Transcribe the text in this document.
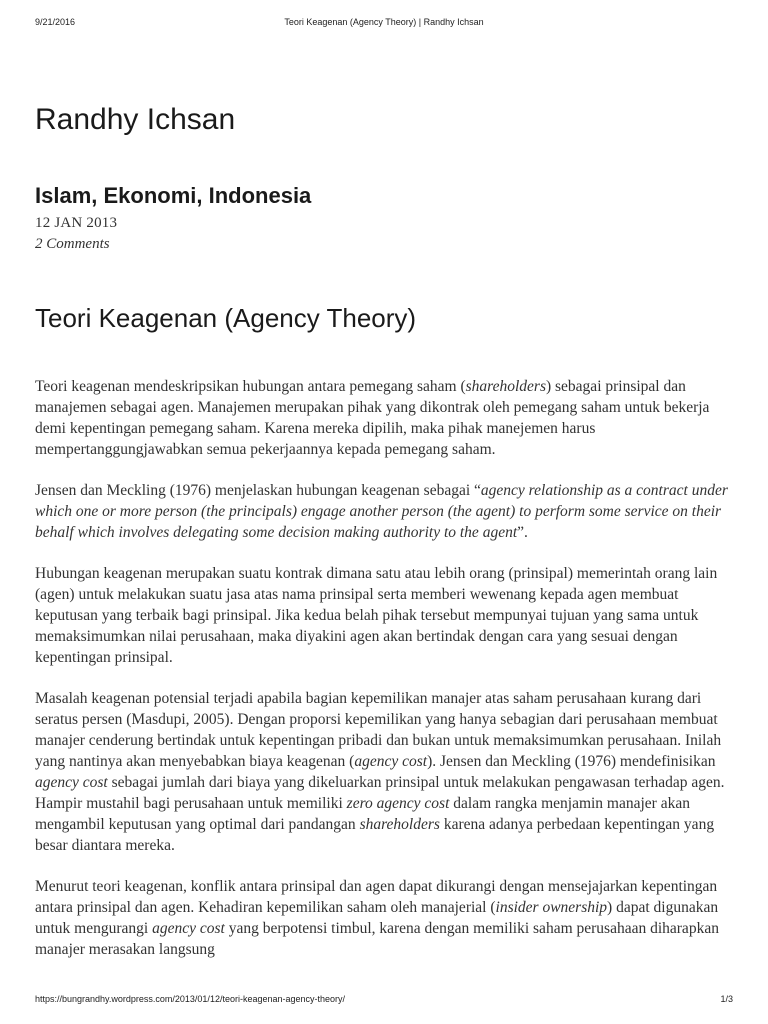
9/21/2016	Teori Keagenan (Agency Theory) | Randhy Ichsan
Randhy Ichsan
Islam, Ekonomi, Indonesia
12 JAN 2013
2 Comments
Teori Keagenan (Agency Theory)

Teori keagenan mendeskripsikan hubungan antara pemegang saham (shareholders) sebagai prinsipal dan manajemen sebagai agen. Manajemen merupakan pihak yang dikontrak oleh pemegang saham untuk bekerja demi kepentingan pemegang saham. Karena mereka dipilih, maka pihak manejemen harus mempertanggungjawabkan semua pekerjaannya kepada pemegang saham.

Jensen dan Meckling (1976) menjelaskan hubungan keagenan sebagai “agency relationship as a contract under which one or more person (the principals) engage another person (the agent) to perform some service on their behalf which involves delegating some decision making authority to the agent”.

Hubungan keagenan merupakan suatu kontrak dimana satu atau lebih orang (prinsipal) memerintah orang lain (agen) untuk melakukan suatu jasa atas nama prinsipal serta memberi wewenang kepada agen membuat keputusan yang terbaik bagi prinsipal. Jika kedua belah pihak tersebut mempunyai tujuan yang sama untuk memaksimumkan nilai perusahaan, maka diyakini agen akan bertindak dengan cara yang sesuai dengan kepentingan prinsipal.

Masalah keagenan potensial terjadi apabila bagian kepemilikan manajer atas saham perusahaan kurang dari seratus persen (Masdupi, 2005). Dengan proporsi kepemilikan yang hanya sebagian dari perusahaan membuat manajer cenderung bertindak untuk kepentingan pribadi dan bukan untuk memaksimumkan perusahaan. Inilah yang nantinya akan menyebabkan biaya keagenan (agency cost). Jensen dan Meckling (1976) mendefinisikan agency cost sebagai jumlah dari biaya yang dikeluarkan prinsipal untuk melakukan pengawasan terhadap agen. Hampir mustahil bagi perusahaan untuk memiliki zero agency cost dalam rangka menjamin manajer akan mengambil keputusan yang optimal dari pandangan shareholders karena adanya perbedaan kepentingan yang besar diantara mereka.

Menurut teori keagenan, konflik antara prinsipal dan agen dapat dikurangi dengan mensejajarkan kepentingan antara prinsipal dan agen. Kehadiran kepemilikan saham oleh manajerial (insider ownership) dapat digunakan untuk mengurangi agency cost yang berpotensi timbul, karena dengan memiliki saham perusahaan diharapkan manajer merasakan langsung

https://bungrandhy.wordpress.com/2013/01/12/teori-keagenan-agency-theory/	1/3
